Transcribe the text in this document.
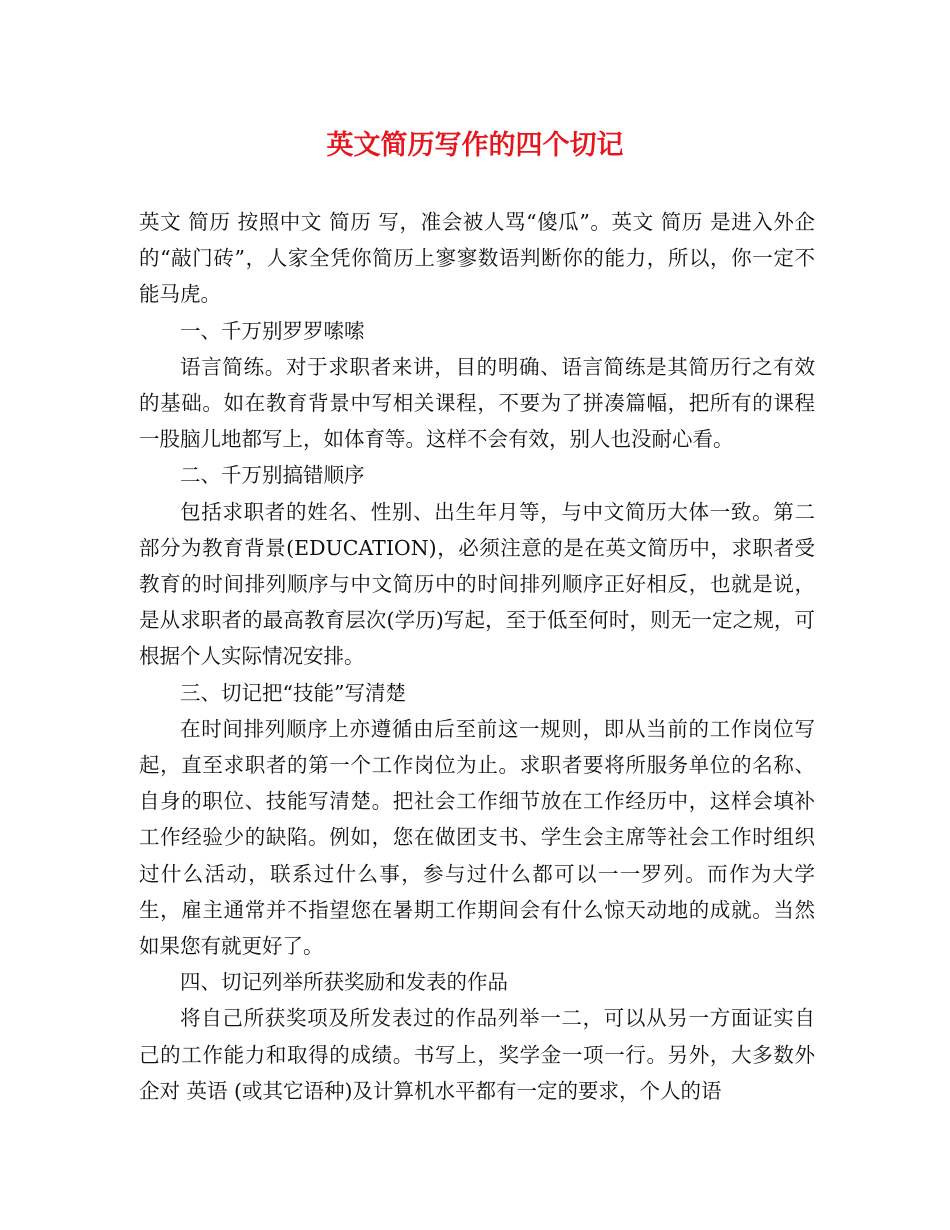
英文简历写作的四个切记

英文 简历 按照中文 简历 写，准会被人骂“傻瓜”。英文 简历 是进入外企的“敲门砖”，人家全凭你简历上寥寥数语判断你的能力，所以，你一定不能马虎。

一、千万别罗罗嗦嗦

语言简练。对于求职者来讲，目的明确、语言简练是其简历行之有效的基础。如在教育背景中写相关课程，不要为了拼凑篇幅，把所有的课程一股脑儿地都写上，如体育等。这样不会有效，别人也没耐心看。

二、千万别搞错顺序

包括求职者的姓名、性别、出生年月等，与中文简历大体一致。第二部分为教育背景(EDUCATION)，必须注意的是在英文简历中，求职者受教育的时间排列顺序与中文简历中的时间排列顺序正好相反，也就是说，是从求职者的最高教育层次(学历)写起，至于低至何时，则无一定之规，可根据个人实际情况安排。

三、切记把“技能”写清楚

在时间排列顺序上亦遵循由后至前这一规则，即从当前的工作岗位写起，直至求职者的第一个工作岗位为止。求职者要将所服务单位的名称、自身的职位、技能写清楚。把社会工作细节放在工作经历中，这样会填补工作经验少的缺陷。例如，您在做团支书、学生会主席等社会工作时组织过什么活动，联系过什么事，参与过什么都可以一一罗列。而作为大学生，雇主通常并不指望您在暑期工作期间会有什么惊天动地的成就。当然如果您有就更好了。

四、切记列举所获奖励和发表的作品

将自己所获奖项及所发表过的作品列举一二，可以从另一方面证实自己的工作能力和取得的成绩。书写上，奖学金一项一行。另外，大多数外企对 英语 (或其它语种)及计算机水平都有一定的要求，个人的语
